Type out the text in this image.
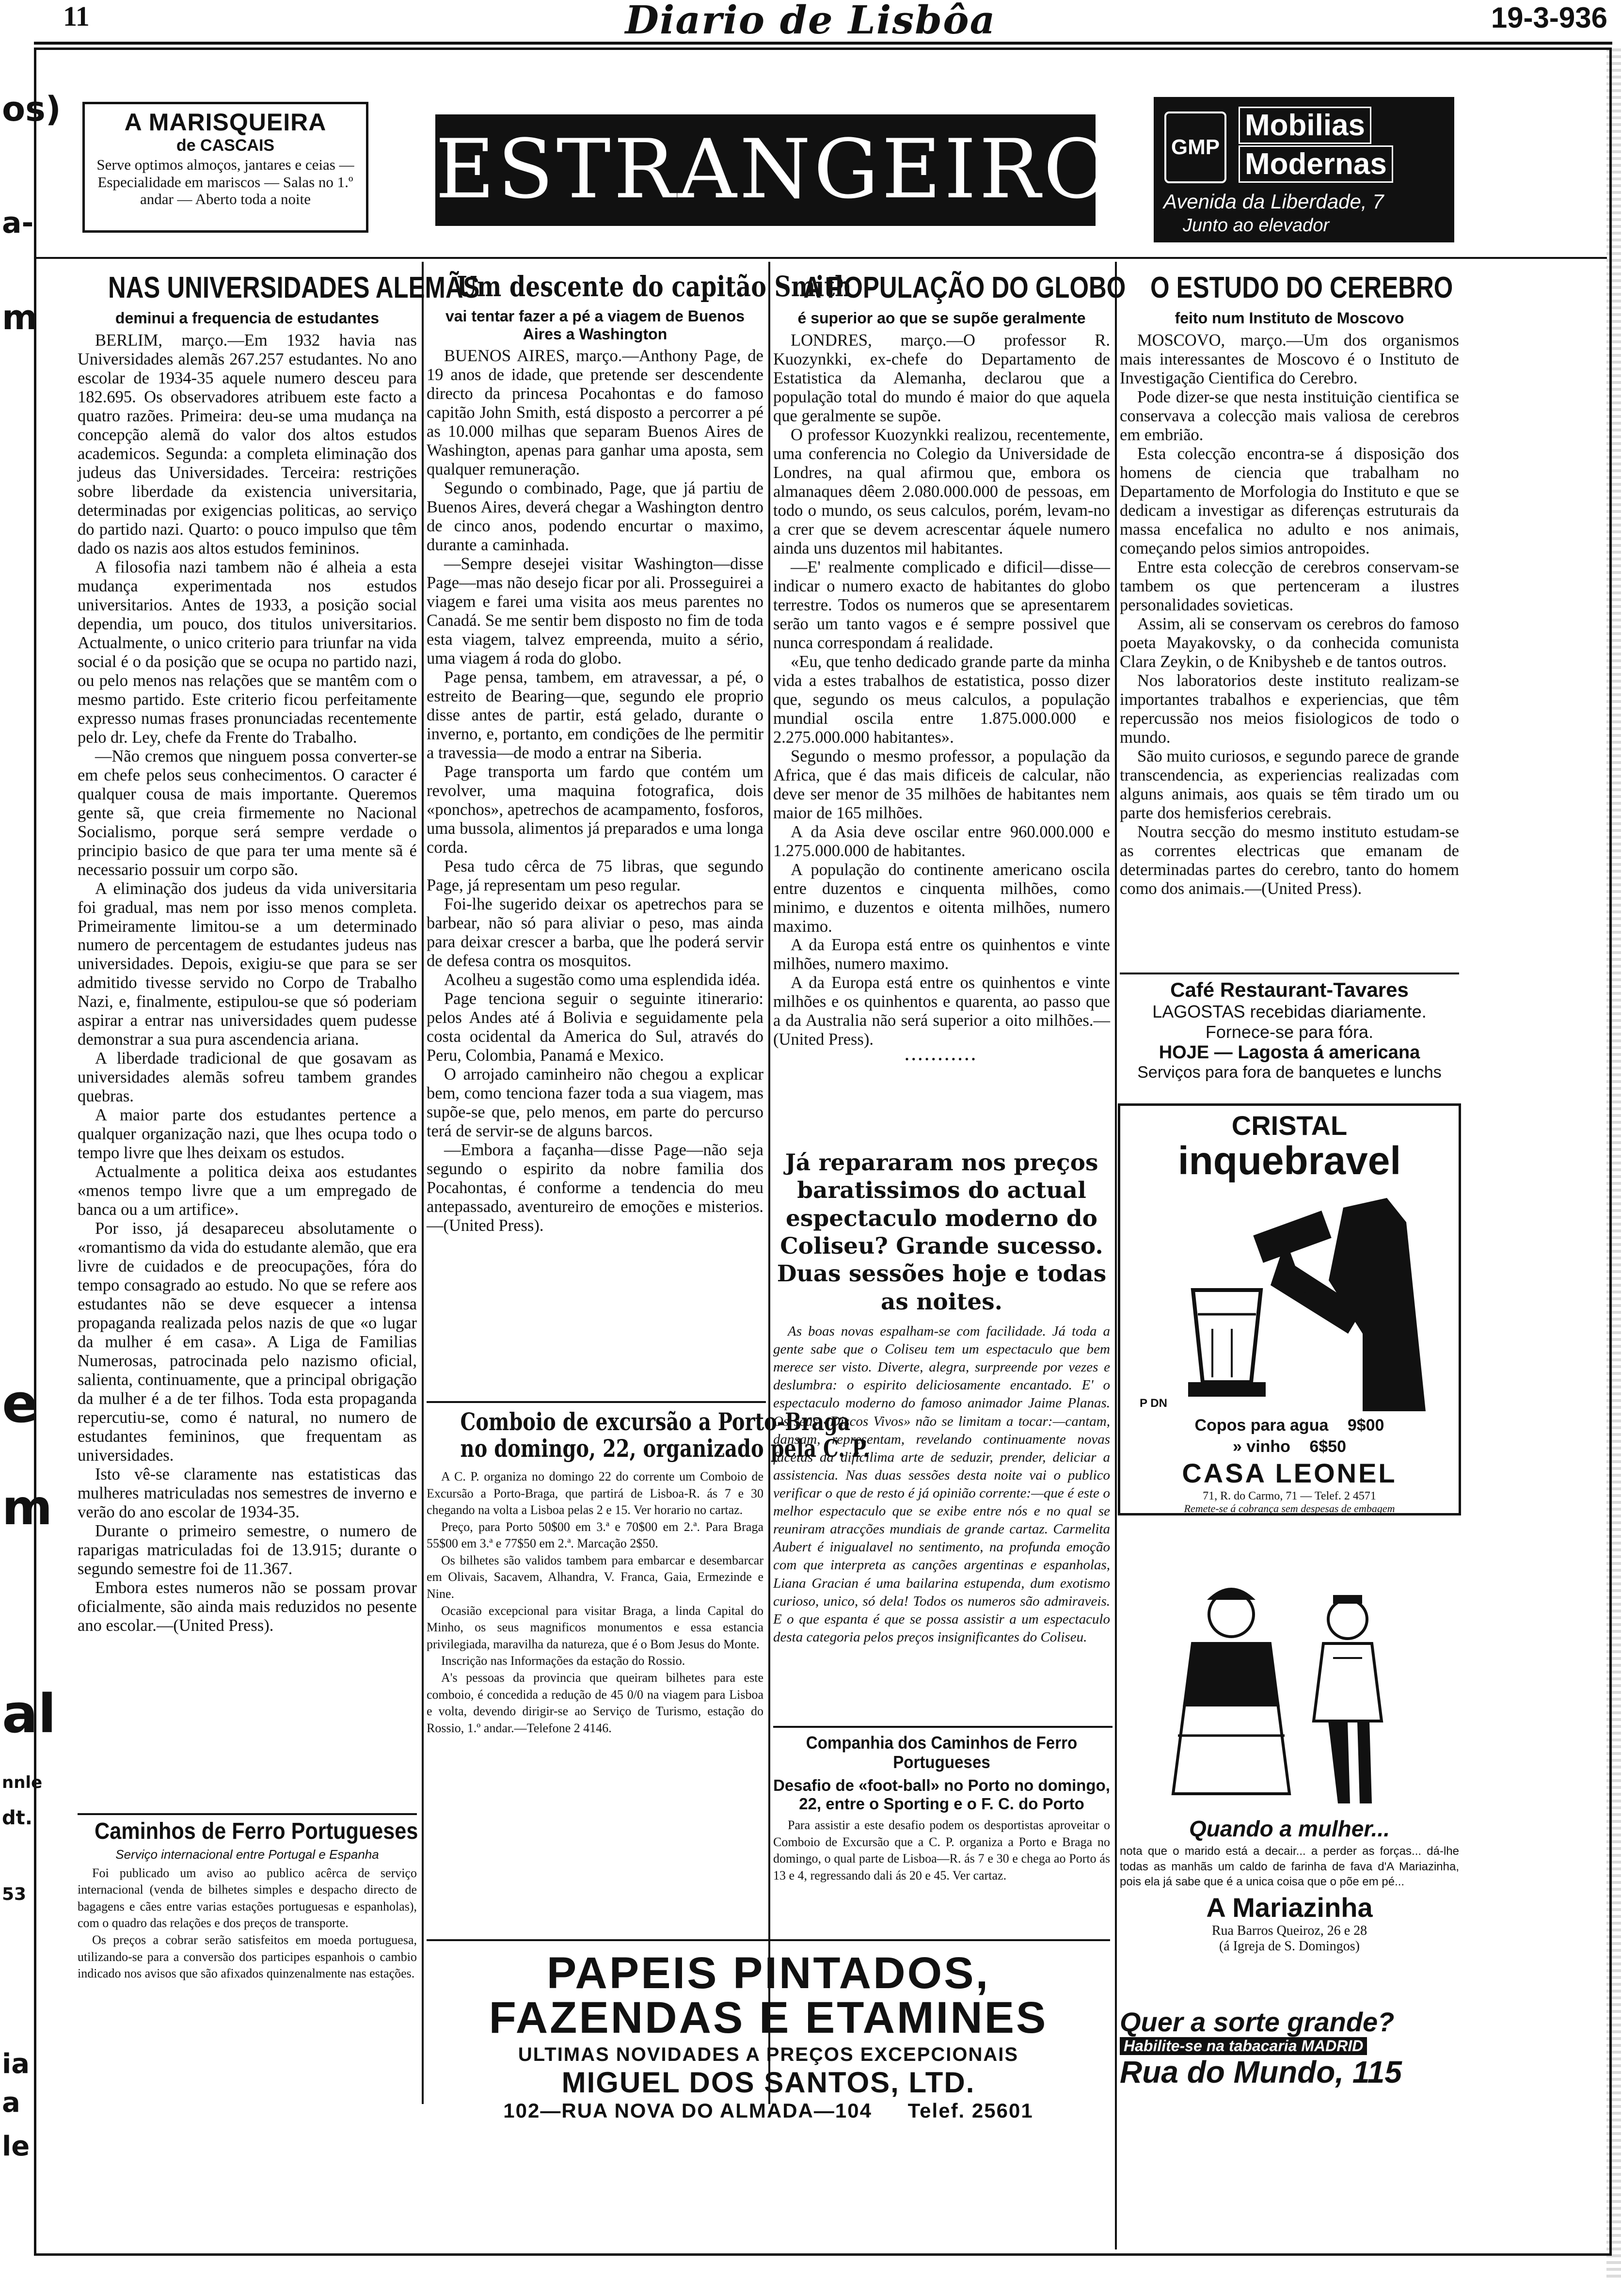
11	Diario de Lisbôa	19-3-936
os)
a-
m
e
m
al
nnle
dt.
53
ia
a
le

A MARISQUEIRA

de CASCAIS

Serve optimos almoços, jantares e ceias — Especialidade em mariscos — Salas no 1.º andar — Aberto toda a noite	ESTRANGEIRO	GMP
Mobilias
Modernas
Avenida da Liberdade, 7
Junto ao elevador
NAS UNIVERSIDADES ALEMÃS
deminui a frequencia de estudantes

BERLIM, março.—Em 1932 havia nas Universidades alemãs 267.257 estudantes. No ano escolar de 1934-35 aquele numero desceu para 182.695. Os observadores atribuem este facto a quatro razões. Primeira: deu-se uma mudança na concepção alemã do valor dos altos estudos academicos. Segunda: a completa eliminação dos judeus das Universidades. Terceira: restrições sobre liberdade da existencia universitaria, determinadas por exigencias politicas, ao serviço do partido nazi. Quarto: o pouco impulso que têm dado os nazis aos altos estudos femininos.

A filosofia nazi tambem não é alheia a esta mudança experimentada nos estudos universitarios. Antes de 1933, a posição social dependia, um pouco, dos titulos universitarios. Actualmente, o unico criterio para triunfar na vida social é o da posição que se ocupa no partido nazi, ou pelo menos nas relações que se mantêm com o mesmo partido. Este criterio ficou perfeitamente expresso numas frases pronunciadas recentemente pelo dr. Ley, chefe da Frente do Trabalho.

—Não cremos que ninguem possa converter-se em chefe pelos seus conhecimentos. O caracter é qualquer cousa de mais importante. Queremos gente sã, que creia firmemente no Nacional Socialismo, porque será sempre verdade o principio basico de que para ter uma mente sã é necessario possuir um corpo são.

A eliminação dos judeus da vida universitaria foi gradual, mas nem por isso menos completa. Primeiramente limitou-se a um determinado numero de percentagem de estudantes judeus nas universidades. Depois, exigiu-se que para se ser admitido tivesse servido no Corpo de Trabalho Nazi, e, finalmente, estipulou-se que só poderiam aspirar a entrar nas universidades quem pudesse demonstrar a sua pura ascendencia ariana.

A liberdade tradicional de que gosavam as universidades alemãs sofreu tambem grandes quebras.

A maior parte dos estudantes pertence a qualquer organização nazi, que lhes ocupa todo o tempo livre que lhes deixam os estudos.

Actualmente a politica deixa aos estudantes «menos tempo livre que a um empregado de banca ou a um artifice».

Por isso, já desapareceu absolutamente o «romantismo da vida do estudante alemão, que era livre de cuidados e de preocupações, fóra do tempo consagrado ao estudo. No que se refere aos estudantes não se deve esquecer a intensa propaganda realizada pelos nazis de que «o lugar da mulher é em casa». A Liga de Familias Numerosas, patrocinada pelo nazismo oficial, salienta, continuamente, que a principal obrigação da mulher é a de ter filhos. Toda esta propaganda repercutiu-se, como é natural, no numero de estudantes femininos, que frequentam as universidades.

Isto vê-se claramente nas estatisticas das mulheres matriculadas nos semestres de inverno e verão do ano escolar de 1934-35.

Durante o primeiro semestre, o numero de raparigas matriculadas foi de 13.915; durante o segundo semestre foi de 11.367.

Embora estes numeros não se possam provar oficialmente, são ainda mais reduzidos no pesente ano escolar.—(United Press).

Caminhos de Ferro Portugueses
Serviço internacional entre Portugal e Espanha

Foi publicado um aviso ao publico acêrca de serviço internacional (venda de bilhetes simples e despacho directo de bagagens e cães entre varias estações portuguesas e espanholas), com o quadro das relações e dos preços de transporte.

Os preços a cobrar serão satisfeitos em moeda portuguesa, utilizando-se para a conversão dos participes espanhois o cambio indicado nos avisos que são afixados quinzenalmente nas estações.

Um descente do capitão Smith
vai tentar fazer a pé a viagem de Buenos Aires a Washington

BUENOS AIRES, março.—Anthony Page, de 19 anos de idade, que pretende ser descendente directo da princesa Pocahontas e do famoso capitão John Smith, está disposto a percorrer a pé as 10.000 milhas que separam Buenos Aires de Washington, apenas para ganhar uma aposta, sem qualquer remuneração.

Segundo o combinado, Page, que já partiu de Buenos Aires, deverá chegar a Washington dentro de cinco anos, podendo encurtar o maximo, durante a caminhada.

—Sempre desejei visitar Washington—disse Page—mas não desejo ficar por ali. Prosseguirei a viagem e farei uma visita aos meus parentes no Canadá. Se me sentir bem disposto no fim de toda esta viagem, talvez empreenda, muito a sério, uma viagem á roda do globo.

Page pensa, tambem, em atravessar, a pé, o estreito de Bearing—que, segundo ele proprio disse antes de partir, está gelado, durante o inverno, e, portanto, em condições de lhe permitir a travessia—de modo a entrar na Siberia.

Page transporta um fardo que contém um revolver, uma maquina fotografica, dois «ponchos», apetrechos de acampamento, fosforos, uma bussola, alimentos já preparados e uma longa corda.

Pesa tudo cêrca de 75 libras, que segundo Page, já representam um peso regular.

Foi-lhe sugerido deixar os apetrechos para se barbear, não só para aliviar o peso, mas ainda para deixar crescer a barba, que lhe poderá servir de defesa contra os mosquitos.

Acolheu a sugestão como uma esplendida idéa.

Page tenciona seguir o seguinte itinerario: pelos Andes até á Bolivia e seguidamente pela costa ocidental da America do Sul, através do Peru, Colombia, Panamá e Mexico.

O arrojado caminheiro não chegou a explicar bem, como tenciona fazer toda a sua viagem, mas supõe-se que, pelo menos, em parte do percurso terá de servir-se de alguns barcos.

—Embora a façanha—disse Page—não seja segundo o espirito da nobre familia dos Pocahontas, é conforme a tendencia do meu antepassado, aventureiro de emoções e misterios.—(United Press).

Comboio de excursão a Porto-Braga
no domingo, 22, organizado pela C. P.

A C. P. organiza no domingo 22 do corrente um Comboio de Excursão a Porto-Braga, que partirá de Lisboa-R. ás 7 e 30 chegando na volta a Lisboa pelas 2 e 15. Ver horario no cartaz.

Preço, para Porto 50$00 em 3.ª e 70$00 em 2.ª. Para Braga 55$00 em 3.ª e 77$50 em 2.ª. Marcação 2$50.

Os bilhetes são validos tambem para embarcar e desembarcar em Olivais, Sacavem, Alhandra, V. Franca, Gaia, Ermezinde e Nine.

Ocasião excepcional para visitar Braga, a linda Capital do Minho, os seus magnificos monumentos e essa estancia privilegiada, maravilha da natureza, que é o Bom Jesus do Monte.

Inscrição nas Informações da estação do Rossio.

A's pessoas da provincia que queiram bilhetes para este comboio, é concedida a redução de 45 0/0 na viagem para Lisboa e volta, devendo dirigir-se ao Serviço de Turismo, estação do Rossio, 1.º andar.—Telefone 2 4146.

A POPULAÇÃO DO GLOBO
é superior ao que se supõe geralmente

LONDRES, março.—O professor R. Kuozynkki, ex-chefe do Departamento de Estatistica da Alemanha, declarou que a população total do mundo é maior do que aquela que geralmente se supõe.

O professor Kuozynkki realizou, recentemente, uma conferencia no Colegio da Universidade de Londres, na qual afirmou que, embora os almanaques dêem 2.080.000.000 de pessoas, em todo o mundo, os seus calculos, porém, levam-no a crer que se devem acrescentar áquele numero ainda uns duzentos mil habitantes.

—E' realmente complicado e dificil—disse—indicar o numero exacto de habitantes do globo terrestre. Todos os numeros que se apresentarem serão um tanto vagos e é sempre possivel que nunca correspondam á realidade.

«Eu, que tenho dedicado grande parte da minha vida a estes trabalhos de estatistica, posso dizer que, segundo os meus calculos, a população mundial oscila entre 1.875.000.000 e 2.275.000.000 habitantes».

Segundo o mesmo professor, a população da Africa, que é das mais dificeis de calcular, não deve ser menor de 35 milhões de habitantes nem maior de 165 milhões.

A da Asia deve oscilar entre 960.000.000 e 1.275.000.000 de habitantes.

A população do continente americano oscila entre duzentos e cinquenta milhões, como minimo, e duzentos e oitenta milhões, numero maximo.

A da Europa está entre os quinhentos e vinte milhões, numero maximo.

A da Europa está entre os quinhentos e vinte milhões e os quinhentos e quarenta, ao passo que a da Australia não será superior a oito milhões.—(United Press).

•••••••••••
Já repararam nos preços baratissimos do actual espectaculo moderno do Coliseu? Grande sucesso. Duas sessões hoje e todas as noites.

As boas novas espalham-se com facilidade. Já toda a gente sabe que o Coliseu tem um espectaculo que bem merece ser visto. Diverte, alegra, surpreende por vezes e deslumbra: o espirito deliciosamente encantado. E' o espectaculo moderno do famoso animador Jaime Planas. Os seus «Discos Vivos» não se limitam a tocar:—cantam, dansam, representam, revelando continuamente novas facetas da dificilima arte de seduzir, prender, deliciar a assistencia. Nas duas sessões desta noite vai o publico verificar o que de resto é já opinião corrente:—que é este o melhor espectaculo que se exibe entre nós e no qual se reuniram atracções mundiais de grande cartaz. Carmelita Aubert é inigualavel no sentimento, na profunda emoção com que interpreta as canções argentinas e espanholas, Liana Gracian é uma bailarina estupenda, dum exotismo curioso, unico, só dela! Todos os numeros são admiraveis. E o que espanta é que se possa assistir a um espectaculo desta categoria pelos preços insignificantes do Coliseu.

Companhia dos Caminhos de Ferro Portugueses
Desafio de «foot-ball» no Porto no domingo, 22, entre o Sporting e o F. C. do Porto

Para assistir a este desafio podem os desportistas aproveitar o Comboio de Excursão que a C. P. organiza a Porto e Braga no domingo, o qual parte de Lisboa—R. ás 7 e 30 e chega ao Porto ás 13 e 4, regressando dali ás 20 e 45. Ver cartaz.

O ESTUDO DO CEREBRO
feito num Instituto de Moscovo

MOSCOVO, março.—Um dos organismos mais interessantes de Moscovo é o Instituto de Investigação Cientifica do Cerebro.

Pode dizer-se que nesta instituição cientifica se conservava a colecção mais valiosa de cerebros em embrião.

Esta colecção encontra-se á disposição dos homens de ciencia que trabalham no Departamento de Morfologia do Instituto e que se dedicam a investigar as diferenças estruturais da massa encefalica no adulto e nos animais, começando pelos simios antropoides.

Entre esta colecção de cerebros conservam-se tambem os que pertenceram a ilustres personalidades sovieticas.

Assim, ali se conservam os cerebros do famoso poeta Mayakovsky, o da conhecida comunista Clara Zeykin, o de Knibysheb e de tantos outros.

Nos laboratorios deste instituto realizam-se importantes trabalhos e experiencias, que têm repercussão nos meios fisiologicos de todo o mundo.

São muito curiosos, e segundo parece de grande transcendencia, as experiencias realizadas com alguns animais, aos quais se têm tirado um ou parte dos hemisferios cerebrais.

Noutra secção do mesmo instituto estudam-se as correntes electricas que emanam de determinadas partes do cerebro, tanto do homem como dos animais.—(United Press).

Café Restaurant-Tavares
LAGOSTAS recebidas diariamente.
Fornece-se para fóra.
HOJE — Lagosta á americana
Serviços para fora de banquetes e lunchs
CRISTAL
inquebravel
P DN
Copos para agua 9$00
» vinho 6$50
CASA LEONEL
71, R. do Carmo, 71 — Telef. 2 4571
Remete-se á cobrança sem despesas de embagem
Quando a mulher...
nota que o marido está a decair... a perder as forças... dá-lhe todas as manhãs um caldo de farinha de fava d'A Mariazinha, pois ela já sabe que é a unica coisa que o põe em pé...
A Mariazinha
Rua Barros Queiroz, 26 e 28
(á Igreja de S. Domingos)
Quer a sorte grande?
Habilite-se na tabacaria MADRID
Rua do Mundo, 115
PAPEIS PINTADOS,
FAZENDAS E ETAMINES
ULTIMAS NOVIDADES A PREÇOS EXCEPCIONAIS
MIGUEL DOS SANTOS, LTD.
102—RUA NOVA DO ALMADA—104 Telef. 25601
